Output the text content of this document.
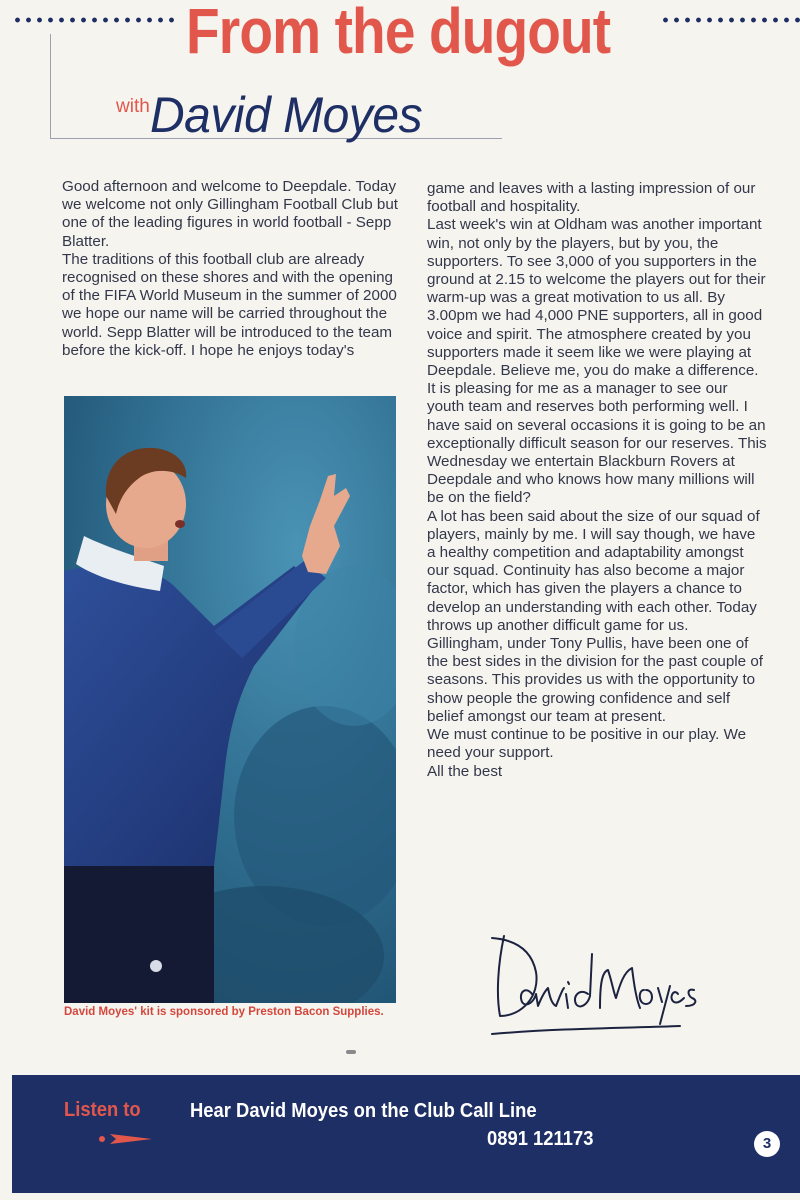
From the dugout
with David Moyes

Good afternoon and welcome to Deepdale. Today we welcome not only Gillingham Football Club but one of the leading figures in world football - Sepp Blatter.

The traditions of this football club are already recognised on these shores and with the opening of the FIFA World Museum in the summer of 2000 we hope our name will be carried throughout the world. Sepp Blatter will be introduced to the team before the kick-off. I hope he enjoys today's

David Moyes' kit is sponsored by Preston Bacon Supplies.

game and leaves with a lasting impression of our football and hospitality.

Last week's win at Oldham was another important win, not only by the players, but by you, the supporters. To see 3,000 of you supporters in the ground at 2.15 to welcome the players out for their warm-up was a great motivation to us all. By 3.00pm we had 4,000 PNE supporters, all in good voice and spirit. The atmosphere created by you supporters made it seem like we were playing at Deepdale. Believe me, you do make a difference.

It is pleasing for me as a manager to see our youth team and reserves both performing well. I have said on several occasions it is going to be an exceptionally difficult season for our reserves. This Wednesday we entertain Blackburn Rovers at Deepdale and who knows how many millions will be on the field?

A lot has been said about the size of our squad of players, mainly by me. I will say though, we have a healthy competition and adaptability amongst our squad. Continuity has also become a major factor, which has given the players a chance to develop an understanding with each other. Today throws up another difficult game for us. Gillingham, under Tony Pullis, have been one of the best sides in the division for the past couple of seasons. This provides us with the opportunity to show people the growing confidence and self belief amongst our team at present.

We must continue to be positive in our play. We need your support.

All the best

Listen to Hear David Moyes on the Club Call Line
0891 121173	3
